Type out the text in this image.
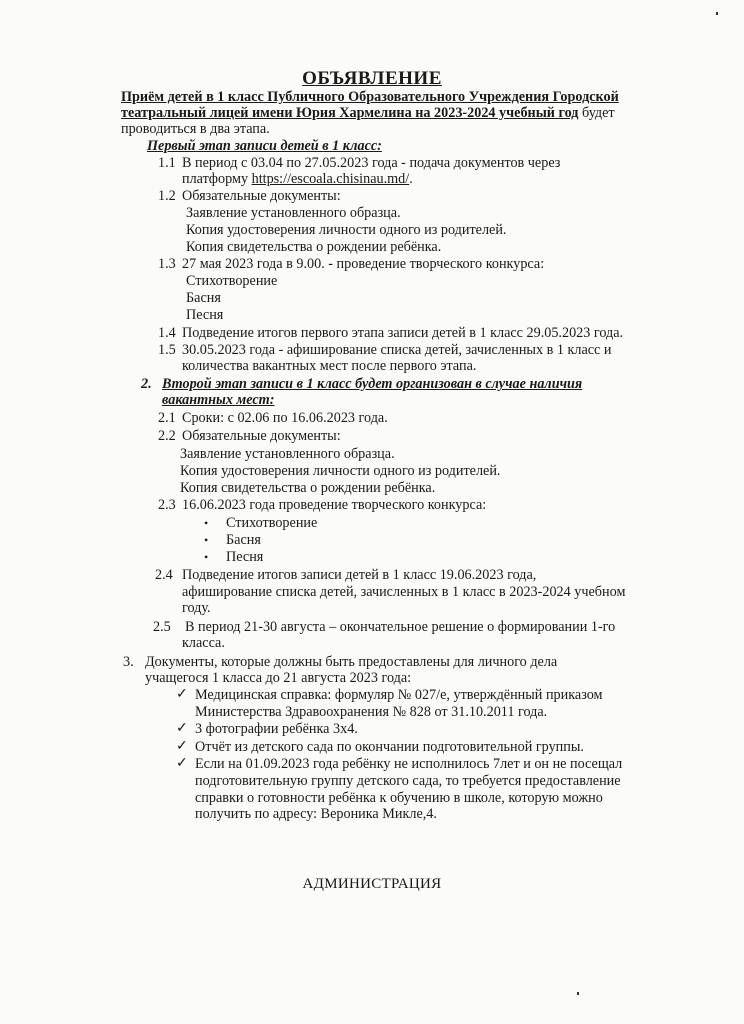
ОБЪЯВЛЕНИЕ
Приём детей в 1 класс Публичного Образовательного Учреждения Городской театральный лицей имени Юрия Хармелина на 2023-2024 учебный год будет проводиться в два этапа.
Первый этап записи детей в 1 класс:
1.1 В период с 03.04 по 27.05.2023 года - подача документов через
платформу https://escoala.chisinau.md/.
1.2 Обязательные документы:
Заявление установленного образца.
Копия удостоверения личности одного из родителей.
Копия свидетельства о рождении ребёнка.
1.3 27 мая 2023 года в 9.00. - проведение творческого конкурса:
Стихотворение
Басня
Песня
1.4 Подведение итогов первого этапа записи детей в 1 класс 29.05.2023 года.
1.5 30.05.2023 года - афиширование списка детей, зачисленных в 1 класс и
количества вакантных мест после первого этапа.
2. Второй этап записи в 1 класс будет организован в случае наличия
вакантных мест:
2.1 Сроки: с 02.06 по 16.06.2023 года.
2.2 Обязательные документы:
Заявление установленного образца.
Копия удостоверения личности одного из родителей.
Копия свидетельства о рождении ребёнка.
2.3 16.06.2023 года проведение творческого конкурса:
• Стихотворение
• Басня
• Песня
2.4 Подведение итогов записи детей в 1 класс 19.06.2023 года,
афиширование списка детей, зачисленных в 1 класс в 2023-2024 учебном
году.
2.5 В период 21-30 августа – окончательное решение о формировании 1-го
класса.
3. Документы, которые должны быть предоставлены для личного дела
учащегося 1 класса до 21 августа 2023 года:
✓ Медицинская справка: формуляр № 027/е, утверждённый приказом
Министерства Здравоохранения № 828 от 31.10.2011 года.
✓ 3 фотографии ребёнка 3х4.
✓ Отчёт из детского сада по окончании подготовительной группы.
✓ Если на 01.09.2023 года ребёнку не исполнилось 7лет и он не посещал
подготовительную группу детского сада, то требуется предоставление
справки о готовности ребёнка к обучению в школе, которую можно
получить по адресу: Вероника Микле,4.
АДМИНИСТРАЦИЯ
